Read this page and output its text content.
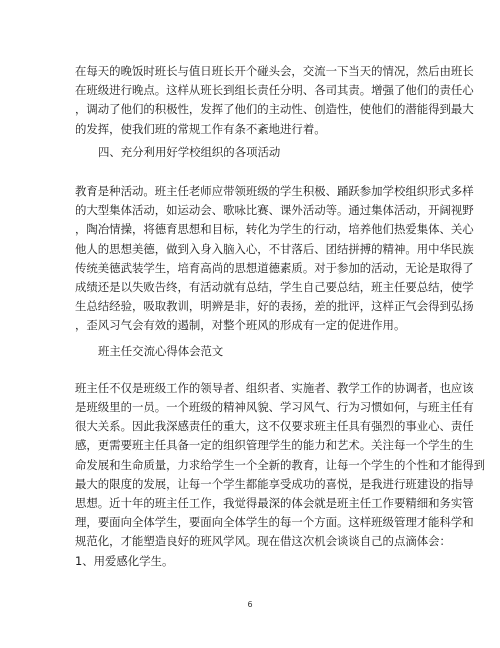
在每天的晚饭时班长与值日班长开个碰头会，交流一下当天的情况，然后由班长
在班级进行晚点。这样从班长到组长责任分明、各司其责。增强了他们的责任心
，调动了他们的积极性，发挥了他们的主动性、创造性，使他们的潜能得到最大
的发挥，使我们班的常规工作有条不紊地进行着。
四、充分利用好学校组织的各项活动
教育是种活动。班主任老师应带领班级的学生积极、踊跃参加学校组织形式多样
的大型集体活动，如运动会、歌咏比赛、课外活动等。通过集体活动，开阔视野
，陶冶情操，将德育思想和目标，转化为学生的行动，培养他们热爱集体、关心
他人的思想美德，做到入身入脑入心，不甘落后、团结拼搏的精神。用中华民族
传统美德武装学生，培育高尚的思想道德素质。对于参加的活动，无论是取得了
成绩还是以失败告终，有活动就有总结，学生自己要总结，班主任要总结，使学
生总结经验，吸取教训，明辨是非，好的表扬，差的批评，这样正气会得到弘扬
，歪风习气会有效的遏制，对整个班风的形成有一定的促进作用。
班主任交流心得体会范文
班主任不仅是班级工作的领导者、组织者、实施者、教学工作的协调者，也应该
是班级里的一员。一个班级的精神风貌、学习风气、行为习惯如何，与班主任有
很大关系。因此我深感责任的重大，这不仅要求班主任具有强烈的事业心、责任
感，更需要班主任具备一定的组织管理学生的能力和艺术。关注每一个学生的生
命发展和生命质量，力求给学生一个全新的教育，让每一个学生的个性和才能得到
最大的限度的发展，让每一个学生都能享受成功的喜悦，是我进行班建设的指导
思想。近十年的班主任工作，我觉得最深的体会就是班主任工作要精细和务实管
理，要面向全体学生，要面向全体学生的每一个方面。这样班级管理才能科学和
规范化，才能塑造良好的班风学风。现在借这次机会谈谈自己的点滴体会：
1、用爱感化学生。
6
